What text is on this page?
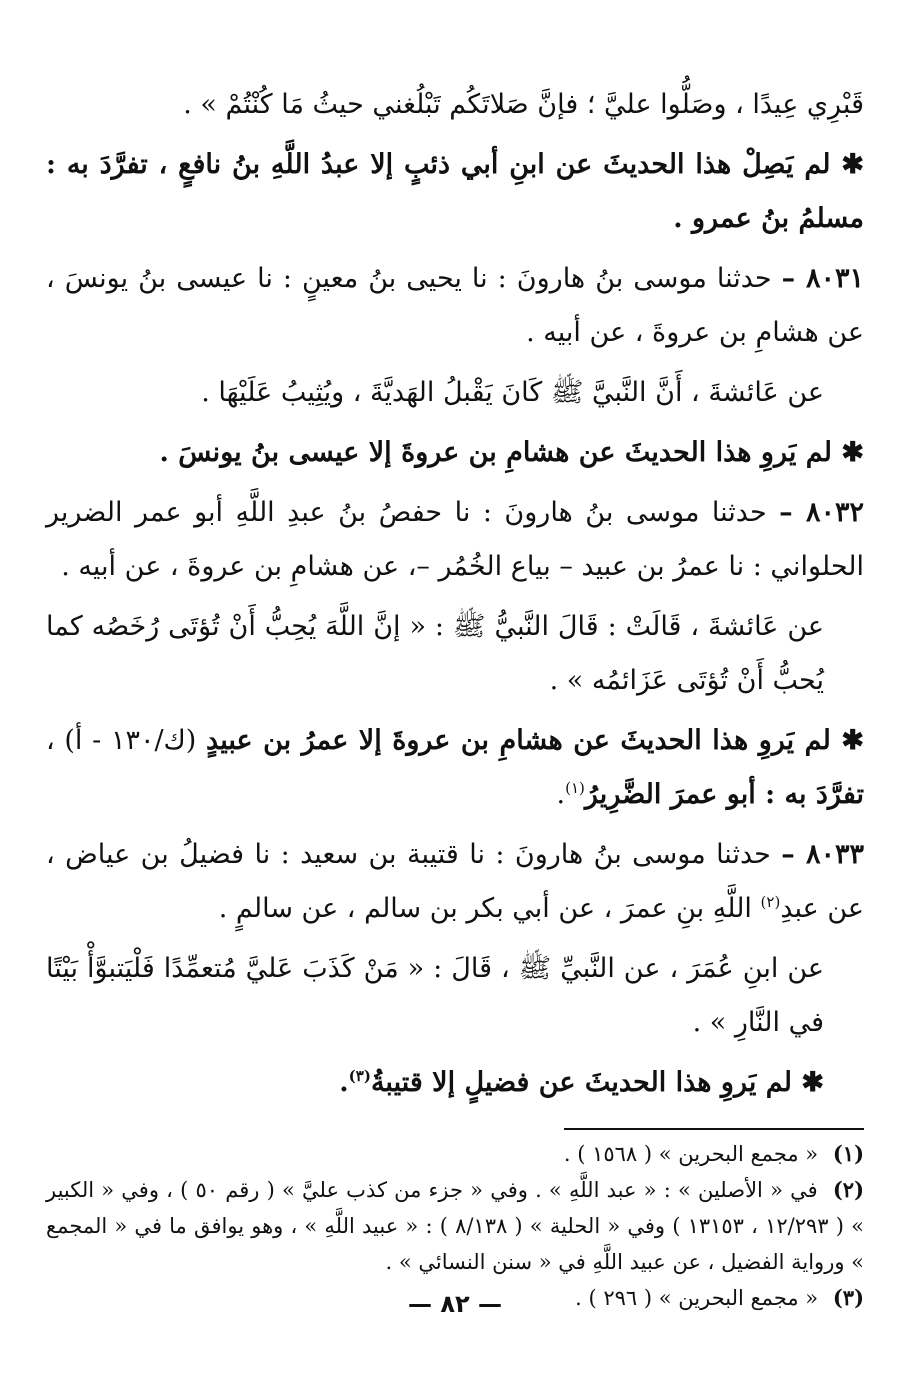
قَبْرِي عِيدًا ، وصَلُّوا عليَّ ؛ فإنَّ صَلاتَكُم تَبْلُغني حيثُ مَا كُنْتُمْ » .

✱ لم يَصِلْ هذا الحديثَ عن ابنِ أبي ذئبٍ إلا عبدُ اللَّهِ بنُ نافعٍ ، تفرَّدَ به : مسلمُ بنُ عمرو .

٨٠٣١ – حدثنا موسى بنُ هارونَ : نا يحيى بنُ معينٍ : نا عيسى بنُ يونسَ ، عن هشامِ بن عروةَ ، عن أبيه .

عن عَائشةَ ، أَنَّ النَّبيَّ ﷺ كَانَ يَقْبلُ الهَديَّةَ ، ويُثِيبُ عَلَيْهَا .

✱ لم يَروِ هذا الحديثَ عن هشامِ بن عروةَ إلا عيسى بنُ يونسَ .

٨٠٣٢ – حدثنا موسى بنُ هارونَ : نا حفصُ بنُ عبدِ اللَّهِ أبو عمر الضرير الحلواني : نا عمرُ بن عبيد – بياع الخُمُر –، عن هشامِ بن عروةَ ، عن أبيه .

عن عَائشةَ ، قَالَتْ : قَالَ النَّبيُّ ﷺ : « إنَّ اللَّهَ يُحِبُّ أَنْ تُؤتَى رُخَصُه كما يُحبُّ أَنْ تُؤتَى عَزَائمُه » .

✱ لم يَروِ هذا الحديثَ عن هشامِ بن عروةَ إلا عمرُ بن عبيدٍ (ك/١٣٠ - أ) ، تفرَّدَ به : أبو عمرَ الضَّرِيرُ$^{(١)}$.

٨٠٣٣ – حدثنا موسى بنُ هارونَ : نا قتيبة بن سعيد : نا فضيلُ بن عياض ، عن عبدِ$^{(٢)}$ اللَّهِ بنِ عمرَ ، عن أبي بكر بن سالم ، عن سالمٍ .

عن ابنِ عُمَرَ ، عن النَّبيِّ ﷺ ، قَالَ : « مَنْ كَذَبَ عَليَّ مُتعمِّدًا فَلْيَتبوَّأْ بَيْتًا في النَّارِ » .

✱ لم يَروِ هذا الحديثَ عن فضيلٍ إلا قتيبةُ$^{(٣)}$.

(١) « مجمع البحرين » ( ١٥٦٨ ) .

(٢) في « الأصلين » : « عبد اللَّهِ » . وفي « جزء من كذب عليَّ » ( رقم ٥٠ ) ، وفي « الكبير » ( ١٢/٢٩٣ ، ١٣١٥٣ ) وفي « الحلية » ( ٨/١٣٨ ) : « عبيد اللَّهِ » ، وهو يوافق ما في « المجمع » ورواية الفضيل ، عن عبيد اللَّهِ في « سنن النسائي » .

(٣) « مجمع البحرين » ( ٢٩٦ ) .

— ٨٢ —
